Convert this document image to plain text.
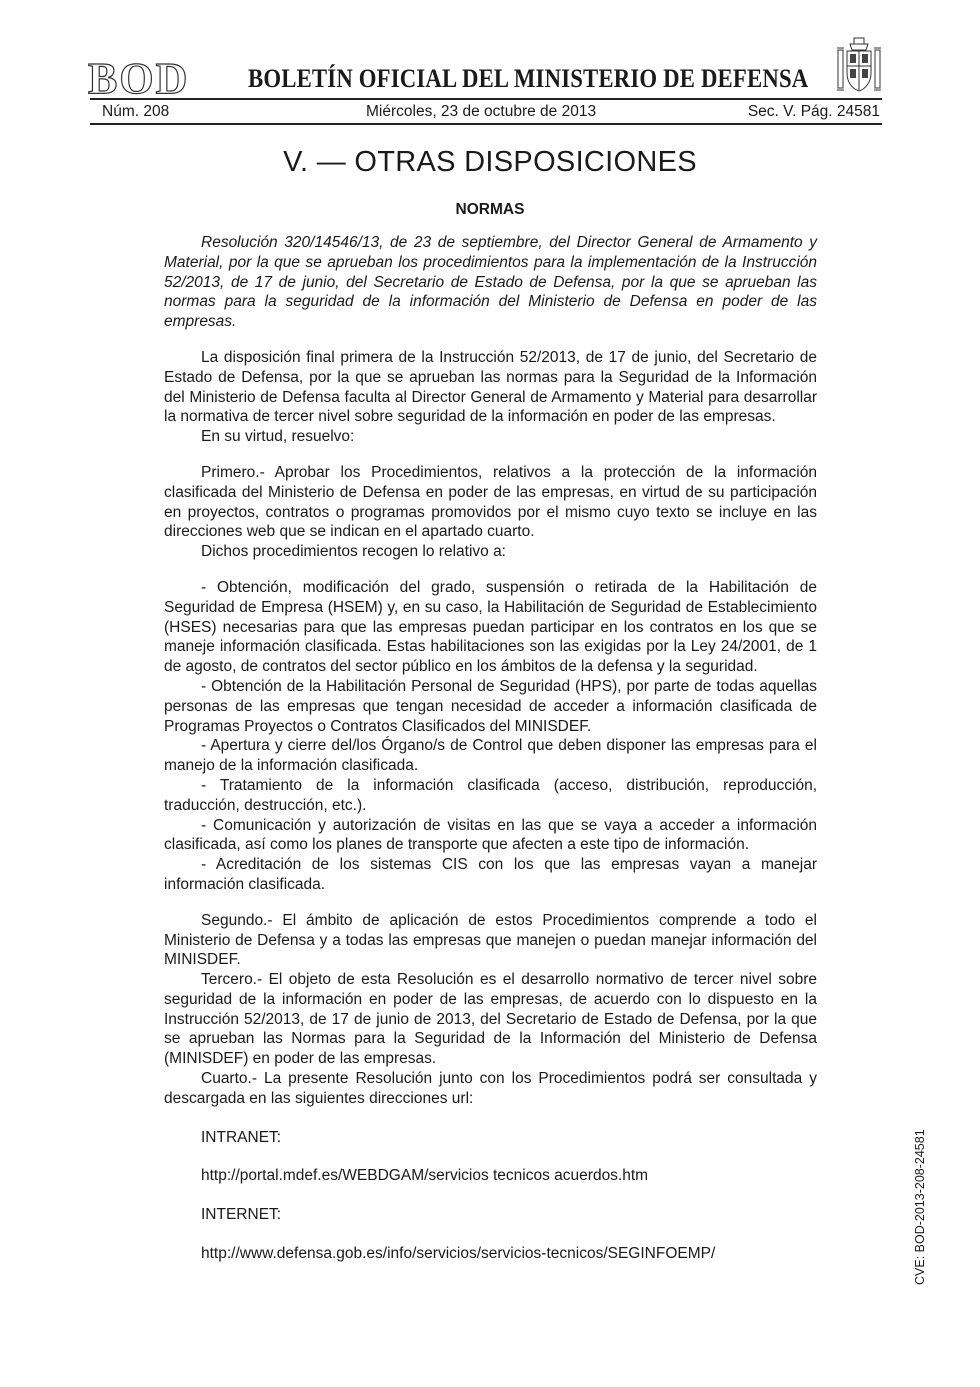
BOD BOLETÍN OFICIAL DEL MINISTERIO DE DEFENSA
Núm. 208	Miércoles, 23 de octubre de 2013	Sec. V. Pág. 24581
V. — OTRAS DISPOSICIONES
NORMAS

Resolución 320/14546/13, de 23 de septiembre, del Director General de Armamento y Material, por la que se aprueban los procedimientos para la implementación de la Instrucción 52/2013, de 17 de junio, del Secretario de Estado de Defensa, por la que se aprueban las normas para la seguridad de la información del Ministerio de Defensa en poder de las empresas.

La disposición final primera de la Instrucción 52/2013, de 17 de junio, del Secretario de Estado de Defensa, por la que se aprueban las normas para la Seguridad de la Información del Ministerio de Defensa faculta al Director General de Armamento y Material para desarrollar la normativa de tercer nivel sobre seguridad de la información en poder de las empresas.

En su virtud, resuelvo:

Primero.- Aprobar los Procedimientos, relativos a la protección de la información clasificada del Ministerio de Defensa en poder de las empresas, en virtud de su participación en proyectos, contratos o programas promovidos por el mismo cuyo texto se incluye en las direcciones web que se indican en el apartado cuarto.

Dichos procedimientos recogen lo relativo a:

- Obtención, modificación del grado, suspensión o retirada de la Habilitación de Seguridad de Empresa (HSEM) y, en su caso, la Habilitación de Seguridad de Establecimiento (HSES) necesarias para que las empresas puedan participar en los contratos en los que se maneje información clasificada. Estas habilitaciones son las exigidas por la Ley 24/2001, de 1 de agosto, de contratos del sector público en los ámbitos de la defensa y la seguridad.

- Obtención de la Habilitación Personal de Seguridad (HPS), por parte de todas aquellas personas de las empresas que tengan necesidad de acceder a información clasificada de Programas Proyectos o Contratos Clasificados del MINISDEF.

- Apertura y cierre del/los Órgano/s de Control que deben disponer las empresas para el manejo de la información clasificada.

- Tratamiento de la información clasificada (acceso, distribución, reproducción, traducción, destrucción, etc.).

- Comunicación y autorización de visitas en las que se vaya a acceder a información clasificada, así como los planes de transporte que afecten a este tipo de información.

- Acreditación de los sistemas CIS con los que las empresas vayan a manejar información clasificada.

Segundo.- El ámbito de aplicación de estos Procedimientos comprende a todo el Ministerio de Defensa y a todas las empresas que manejen o puedan manejar información del MINISDEF.

Tercero.- El objeto de esta Resolución es el desarrollo normativo de tercer nivel sobre seguridad de la información en poder de las empresas, de acuerdo con lo dispuesto en la Instrucción 52/2013, de 17 de junio de 2013, del Secretario de Estado de Defensa, por la que se aprueban las Normas para la Seguridad de la Información del Ministerio de Defensa (MINISDEF) en poder de las empresas.

Cuarto.- La presente Resolución junto con los Procedimientos podrá ser consultada y descargada en las siguientes direcciones url:

INTRANET:

http://portal.mdef.es/WEBDGAM/servicios tecnicos acuerdos.htm

INTERNET:

http://www.defensa.gob.es/info/servicios/servicios-tecnicos/SEGINFOEMP/	CVE: BOD-2013-208-24581
